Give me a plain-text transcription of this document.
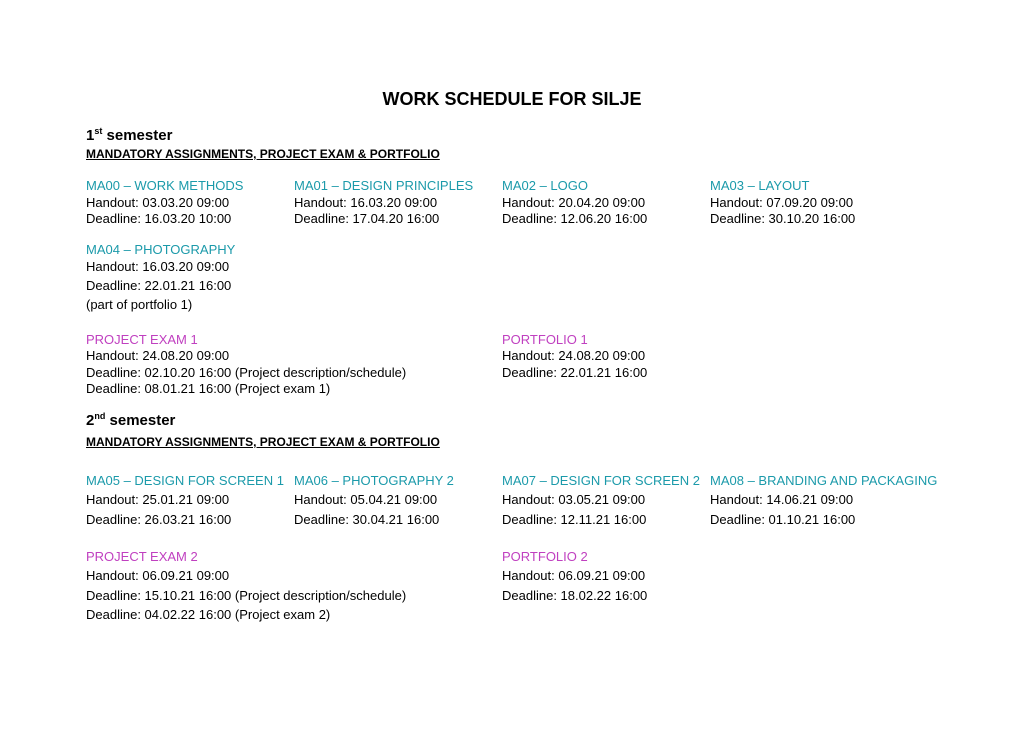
WORK SCHEDULE FOR SILJE
1st semester
MANDATORY ASSIGNMENTS, PROJECT EXAM & PORTFOLIO
MA00 – WORK METHODS
Handout: 03.03.20 09:00
Deadline: 16.03.20 10:00
MA01 – DESIGN PRINCIPLES
Handout: 16.03.20 09:00
Deadline: 17.04.20 16:00
MA02 – LOGO
Handout: 20.04.20 09:00
Deadline: 12.06.20 16:00
MA03 – LAYOUT
Handout: 07.09.20 09:00
Deadline: 30.10.20 16:00
MA04 – PHOTOGRAPHY
Handout: 16.03.20 09:00
Deadline: 22.01.21 16:00
(part of portfolio 1)
PROJECT EXAM 1
Handout: 24.08.20 09:00
Deadline: 02.10.20 16:00 (Project description/schedule)
Deadline: 08.01.21 16:00 (Project exam 1)
PORTFOLIO 1
Handout: 24.08.20 09:00
Deadline: 22.01.21 16:00
2nd semester
MANDATORY ASSIGNMENTS, PROJECT EXAM & PORTFOLIO
MA05 – DESIGN FOR SCREEN 1
Handout: 25.01.21 09:00
Deadline: 26.03.21 16:00
MA06 – PHOTOGRAPHY 2
Handout: 05.04.21 09:00
Deadline: 30.04.21 16:00
MA07 – DESIGN FOR SCREEN 2
Handout: 03.05.21 09:00
Deadline: 12.11.21 16:00
MA08 – BRANDING AND PACKAGING
Handout: 14.06.21 09:00
Deadline: 01.10.21 16:00
PROJECT EXAM 2
Handout: 06.09.21 09:00
Deadline: 15.10.21 16:00 (Project description/schedule)
Deadline: 04.02.22 16:00 (Project exam 2)
PORTFOLIO 2
Handout: 06.09.21 09:00
Deadline: 18.02.22 16:00
